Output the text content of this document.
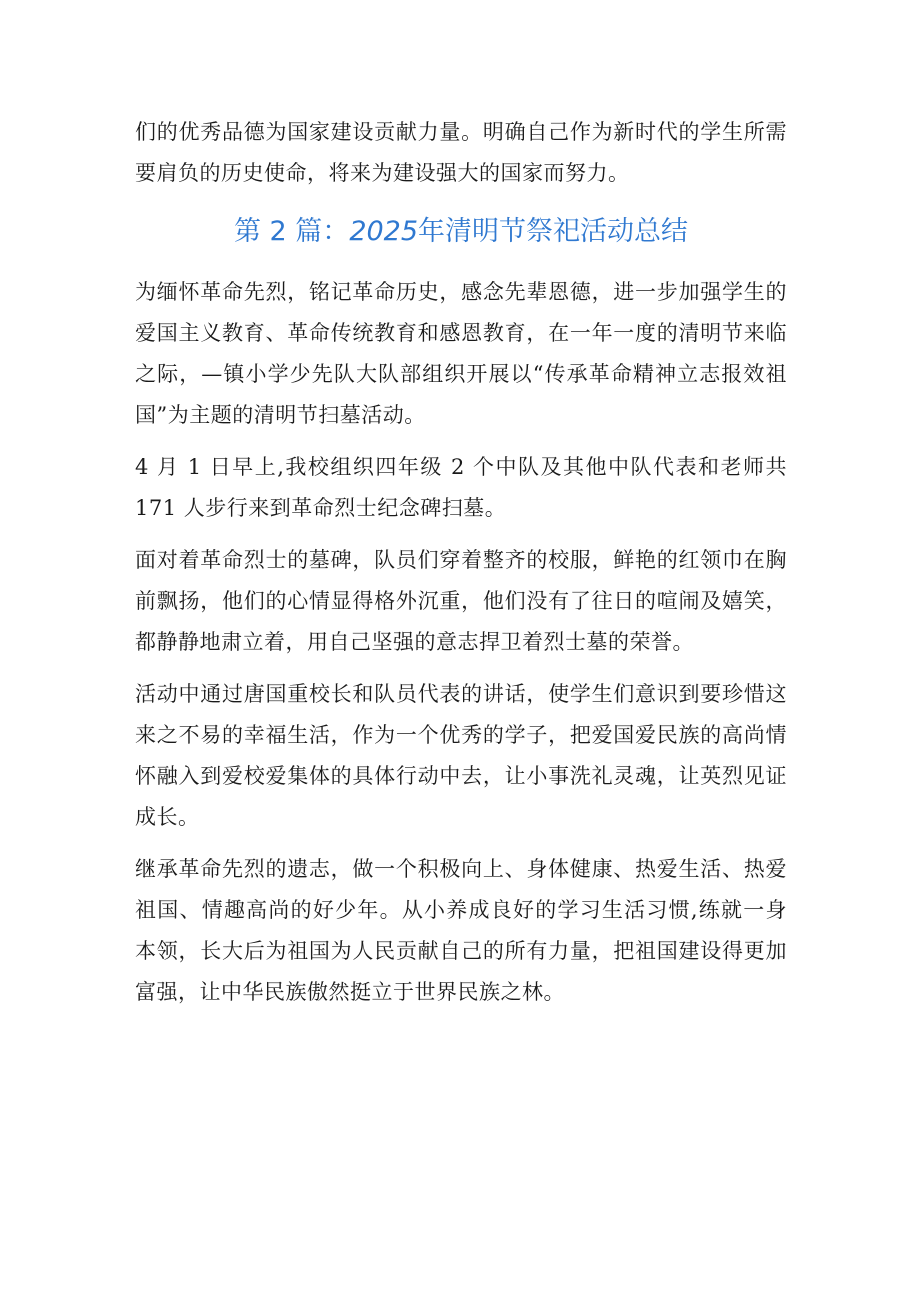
们的优秀品德为国家建设贡献力量。明确自己作为新时代的学生所需要肩负的历史使命，将来为建设强大的国家而努力。

第 2 篇：2025年清明节祭祀活动总结

为缅怀革命先烈，铭记革命历史，感念先辈恩德，进一步加强学生的爱国主义教育、革命传统教育和感恩教育，在一年一度的清明节来临之际，—镇小学少先队大队部组织开展以“传承革命精神立志报效祖国”为主题的清明节扫墓活动。

4 月 1 日早上,我校组织四年级 2 个中队及其他中队代表和老师共 171 人步行来到革命烈士纪念碑扫墓。

面对着革命烈士的墓碑，队员们穿着整齐的校服，鲜艳的红领巾在胸前飘扬，他们的心情显得格外沉重，他们没有了往日的喧闹及嬉笑，都静静地肃立着，用自己坚强的意志捍卫着烈士墓的荣誉。

活动中通过唐国重校长和队员代表的讲话，使学生们意识到要珍惜这来之不易的幸福生活，作为一个优秀的学子，把爱国爱民族的高尚情怀融入到爱校爱集体的具体行动中去，让小事洗礼灵魂，让英烈见证成长。

继承革命先烈的遗志，做一个积极向上、身体健康、热爱生活、热爱祖国、情趣高尚的好少年。从小养成良好的学习生活习惯,练就一身本领，长大后为祖国为人民贡献自己的所有力量，把祖国建设得更加富强，让中华民族傲然挺立于世界民族之林。
